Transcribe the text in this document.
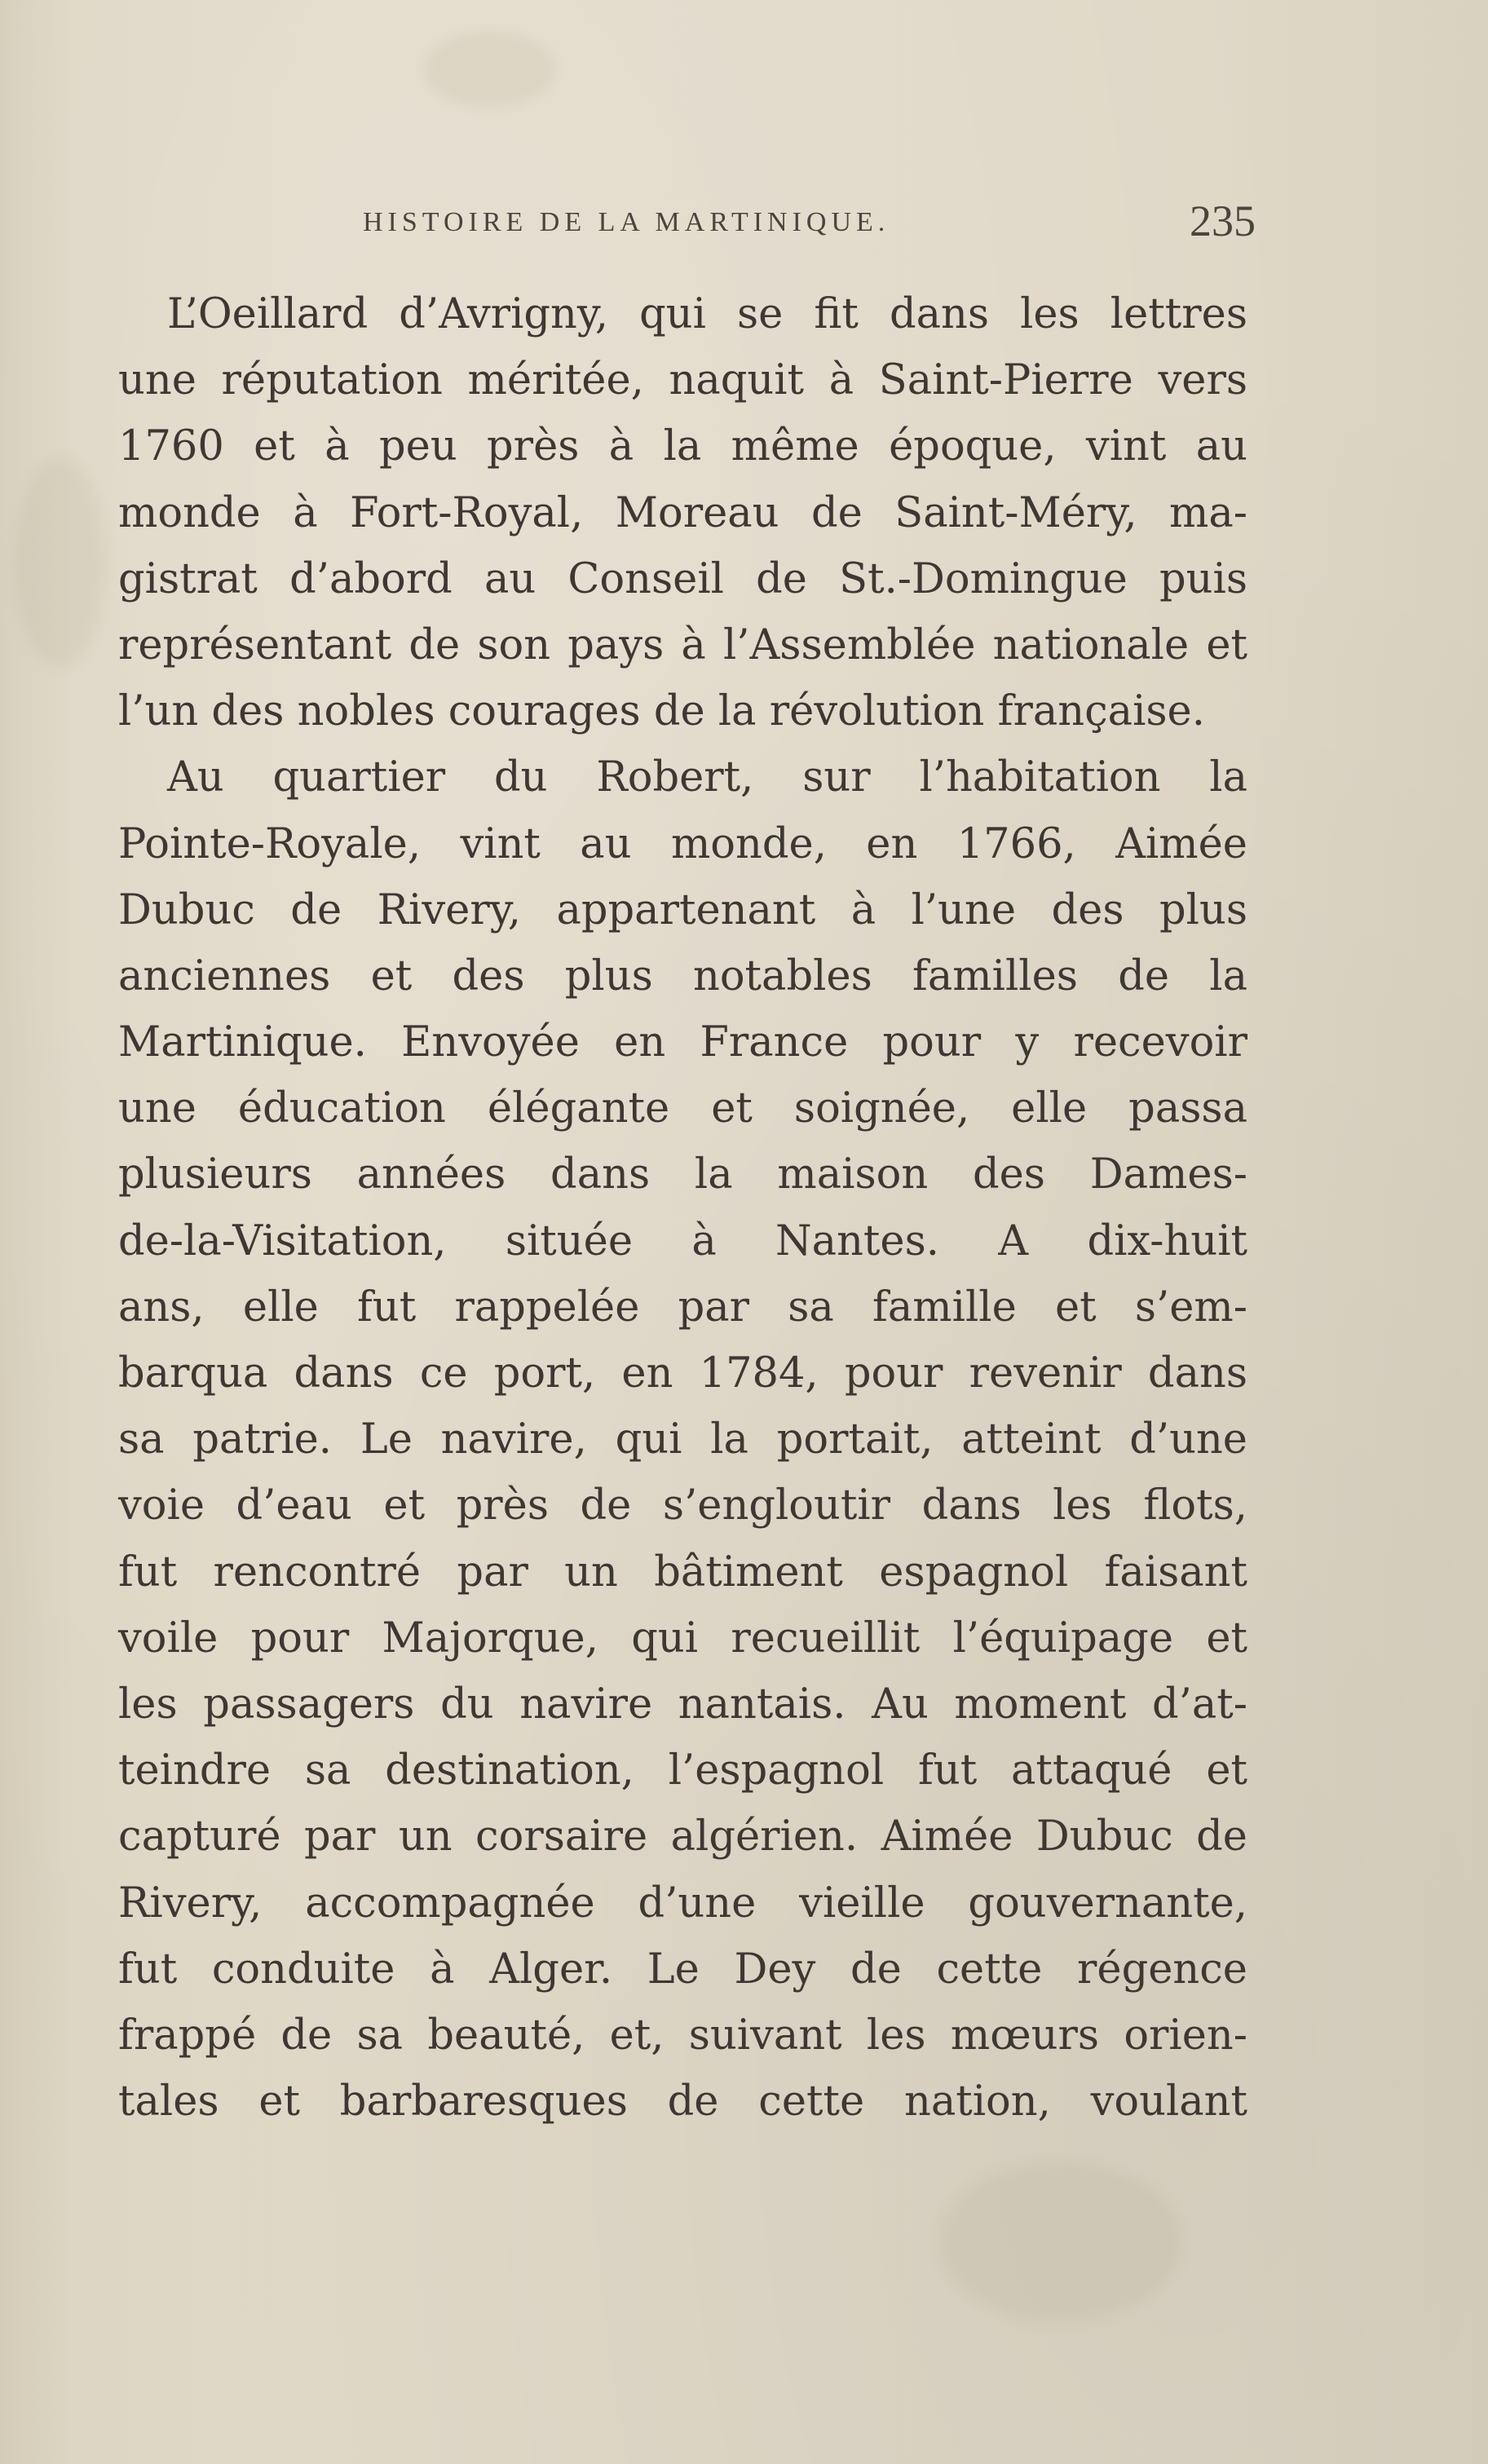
HISTOIRE DE LA MARTINIQUE.	235
L’Oeillard d’Avrigny, qui se fit dans les lettres
une réputation méritée, naquit à Saint-Pierre vers
1760 et à peu près à la même époque, vint au
monde à Fort-Royal, Moreau de Saint-Méry, ma-
gistrat d’abord au Conseil de St.-Domingue puis
représentant de son pays à l’Assemblée nationale et
l’un des nobles courages de la révolution française.
Au quartier du Robert, sur l’habitation la
Pointe-Royale, vint au monde, en 1766, Aimée
Dubuc de Rivery, appartenant à l’une des plus
anciennes et des plus notables familles de la
Martinique. Envoyée en France pour y recevoir
une éducation élégante et soignée, elle passa
plusieurs années dans la maison des Dames-
de-la-Visitation, située à Nantes. A dix-huit
ans, elle fut rappelée par sa famille et s’em-
barqua dans ce port, en 1784, pour revenir dans
sa patrie. Le navire, qui la portait, atteint d’une
voie d’eau et près de s’engloutir dans les flots,
fut rencontré par un bâtiment espagnol faisant
voile pour Majorque, qui recueillit l’équipage et
les passagers du navire nantais. Au moment d’at-
teindre sa destination, l’espagnol fut attaqué et
capturé par un corsaire algérien. Aimée Dubuc de
Rivery, accompagnée d’une vieille gouvernante,
fut conduite à Alger. Le Dey de cette régence
frappé de sa beauté, et, suivant les mœurs orien-
tales et barbaresques de cette nation, voulant
